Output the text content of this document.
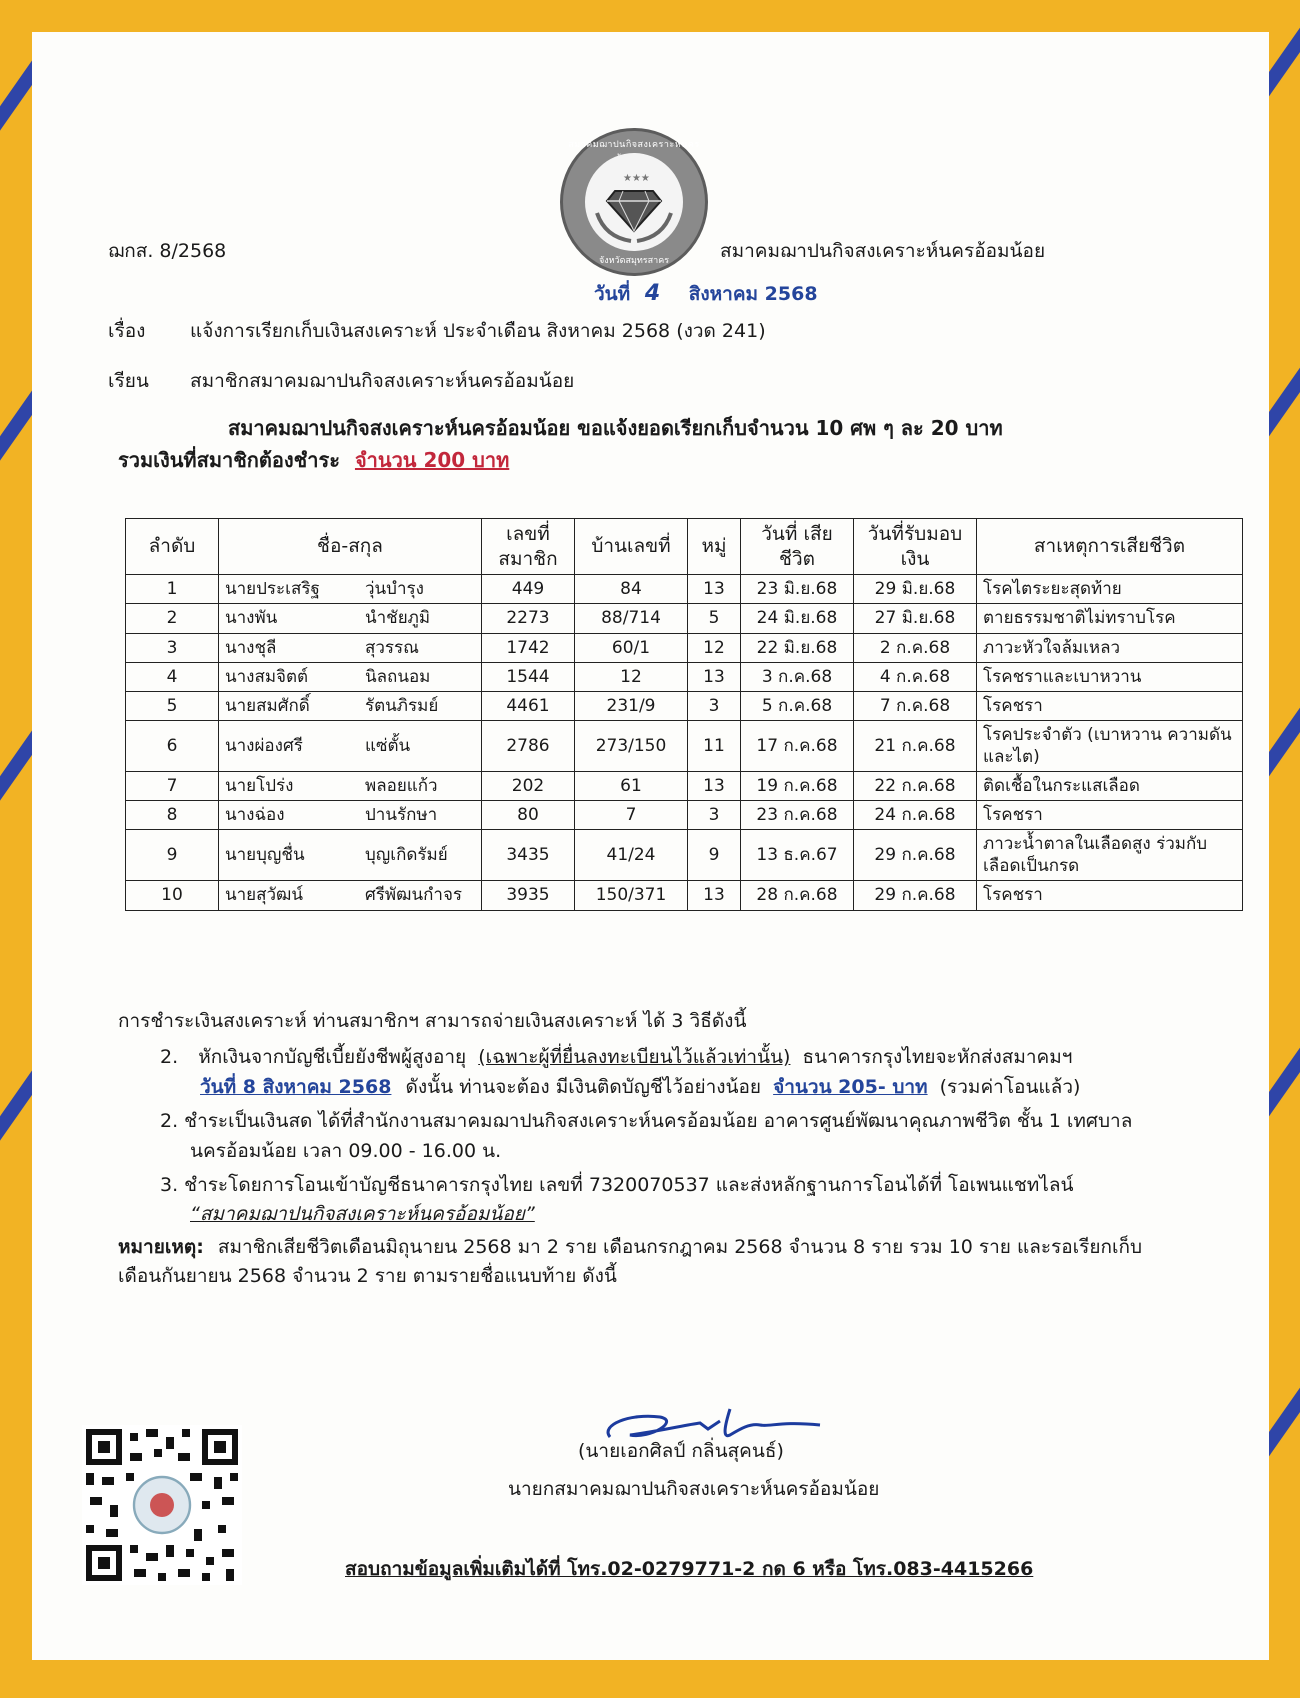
สมาคมฌาปนกิจสงเคราะห์นคร
★★★
จังหวัดสมุทรสาคร
ฌกส. 8/2568	สมาคมฌาปนกิจสงเคราะห์นครอ้อมน้อย
วันที่ 4 สิงหาคม 2568
เรื่อง แจ้งการเรียกเก็บเงินสงเคราะห์ ประจำเดือน สิงหาคม 2568 (งวด 241)
เรียน สมาชิกสมาคมฌาปนกิจสงเคราะห์นครอ้อมน้อย
สมาคมฌาปนกิจสงเคราะห์นครอ้อมน้อย ขอแจ้งยอดเรียกเก็บจำนวน 10 ศพ ๆ ละ 20 บาท
รวมเงินที่สมาชิกต้องชำระ จำนวน 200 บาท
ลำดับ	ชื่อ-สกุล	เลขที่ สมาชิก	บ้านเลขที่	หมู่	วันที่ เสียชีวิต	วันที่รับมอบ เงิน	สาเหตุการเสียชีวิต
1	นายประเสริฐ วุ่นบำรุง	449	84	13	23 มิ.ย.68	29 มิ.ย.68	โรคไตระยะสุดท้าย
2	นางพัน นำชัยภูมิ	2273	88/714	5	24 มิ.ย.68	27 มิ.ย.68	ตายธรรมชาติไม่ทราบโรค
3	นางชุลี สุวรรณ	1742	60/1	12	22 มิ.ย.68	2 ก.ค.68	ภาวะหัวใจล้มเหลว
4	นางสมจิตต์ นิลถนอม	1544	12	13	3 ก.ค.68	4 ก.ค.68	โรคชราและเบาหวาน
5	นายสมศักดิ์ รัตนภิรมย์	4461	231/9	3	5 ก.ค.68	7 ก.ค.68	โรคชรา
6	นางผ่องศรี แซ่ตั้น	2786	273/150	11	17 ก.ค.68	21 ก.ค.68	โรคประจำตัว (เบาหวาน ความดัน และไต)
7	นายโปร่ง พลอยแก้ว	202	61	13	19 ก.ค.68	22 ก.ค.68	ติดเชื้อในกระแสเลือด
8	นางฉ่อง ปานรักษา	80	7	3	23 ก.ค.68	24 ก.ค.68	โรคชรา
9	นายบุญชื่น บุญเกิดรัมย์	3435	41/24	9	13 ธ.ค.67	29 ก.ค.68	ภาวะน้ำตาลในเลือดสูง ร่วมกับเลือดเป็นกรด
10	นายสุวัฒน์ ศรีพัฒนกำจร	3935	150/371	13	28 ก.ค.68	29 ก.ค.68	โรคชรา
การชำระเงินสงเคราะห์ ท่านสมาชิกฯ สามารถจ่ายเงินสงเคราะห์ ได้ 3 วิธีดังนี้
2. หักเงินจากบัญชีเบี้ยยังชีพผู้สูงอายุ (เฉพาะผู้ที่ยื่นลงทะเบียนไว้แล้วเท่านั้น) ธนาคารกรุงไทยจะหักส่งสมาคมฯ
วันที่ 8 สิงหาคม 2568 ดังนั้น ท่านจะต้อง มีเงินติดบัญชีไว้อย่างน้อย จำนวน 205- บาท (รวมค่าโอนแล้ว)
2. ชำระเป็นเงินสด ได้ที่สำนักงานสมาคมฌาปนกิจสงเคราะห์นครอ้อมน้อย อาคารศูนย์พัฒนาคุณภาพชีวิต ชั้น 1 เทศบาล
นครอ้อมน้อย เวลา 09.00 - 16.00 น.
3. ชำระโดยการโอนเข้าบัญชีธนาคารกรุงไทย เลขที่ 7320070537 และส่งหลักฐานการโอนได้ที่ โอเพนแชทไลน์
“สมาคมฌาปนกิจสงเคราะห์นครอ้อมน้อย”
หมายเหตุ: สมาชิกเสียชีวิตเดือนมิถุนายน 2568 มา 2 ราย เดือนกรกฎาคม 2568 จำนวน 8 ราย รวม 10 ราย และรอเรียกเก็บ
เดือนกันยายน 2568 จำนวน 2 ราย ตามรายชื่อแนบท้าย ดังนี้
(นายเอกศิลป์ กลิ่นสุคนธ์)
นายกสมาคมฌาปนกิจสงเคราะห์นครอ้อมน้อย
สอบถามข้อมูลเพิ่มเติมได้ที่ โทร.02-0279771-2 กด 6 หรือ โทร.083-4415266
